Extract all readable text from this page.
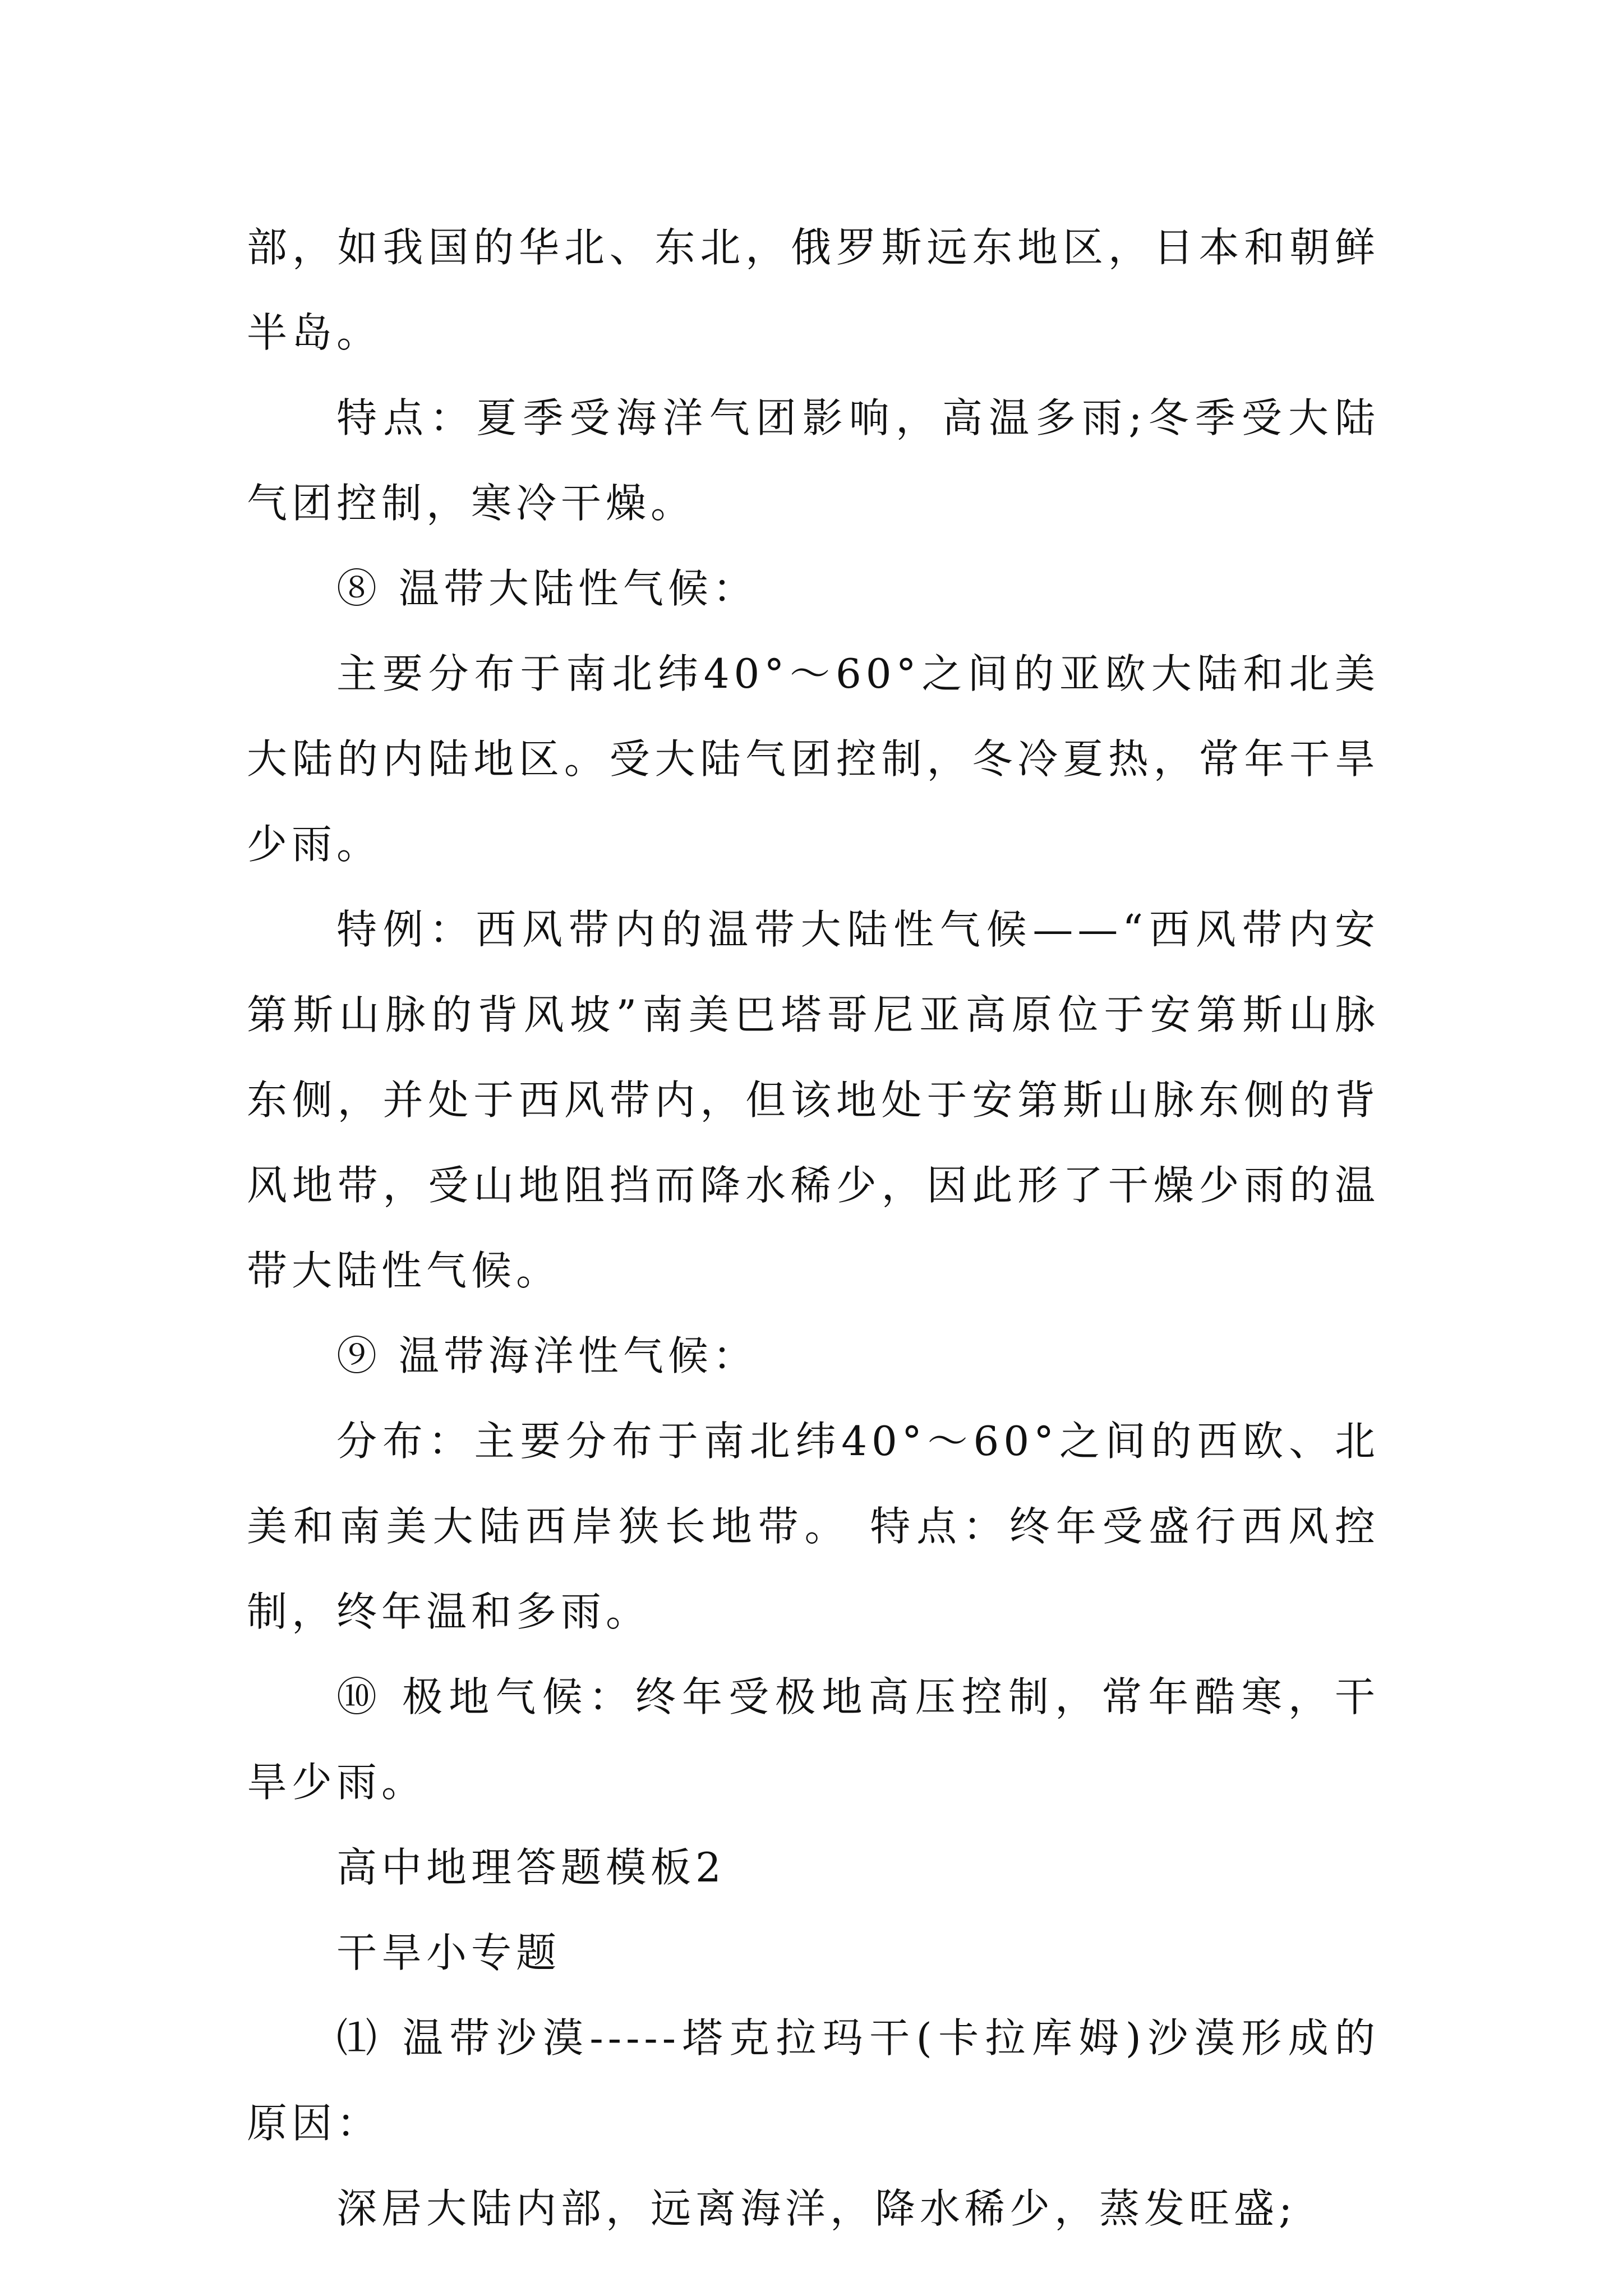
部，如我国的华北、东北，俄罗斯远东地区，日本和朝鲜半岛。

特点：夏季受海洋气团影响，高温多雨;冬季受大陆气团控制，寒冷干燥。

⑧ 温带大陆性气候：

主要分布于南北纬40°～60°之间的亚欧大陆和北美大陆的内陆地区。受大陆气团控制，冬冷夏热，常年干旱少雨。

特例：西风带内的温带大陆性气候——“西风带内安第斯山脉的背风坡”南美巴塔哥尼亚高原位于安第斯山脉东侧，并处于西风带内，但该地处于安第斯山脉东侧的背风地带，受山地阻挡而降水稀少，因此形了干燥少雨的温带大陆性气候。

⑨ 温带海洋性气候：

分布：主要分布于南北纬40°～60°之间的西欧、北美和南美大陆西岸狭长地带。 特点：终年受盛行西风控制，终年温和多雨。

⑩ 极地气候：终年受极地高压控制，常年酷寒，干旱少雨。

高中地理答题模板2

干旱小专题

⑴ 温带沙漠-----塔克拉玛干(卡拉库姆)沙漠形成的原因：

深居大陆内部，远离海洋，降水稀少，蒸发旺盛;
